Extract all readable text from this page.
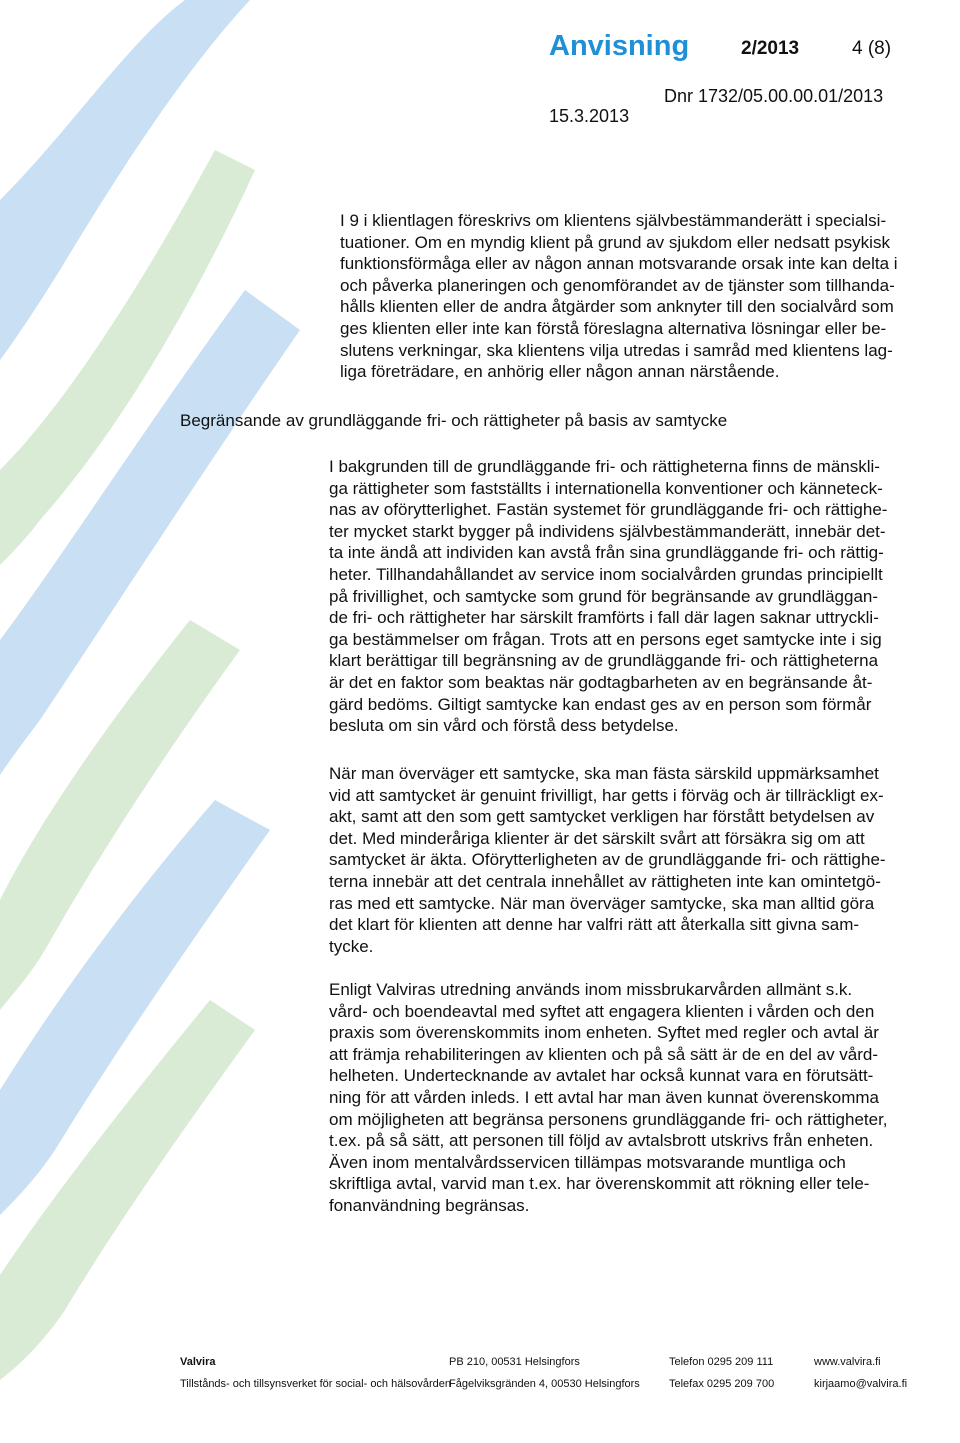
Anvisning	2/2013	4 (8)
Dnr 1732/05.00.00.01/2013
15.3.2013

I 9 i klientlagen föreskrivs om klientens självbestämmanderätt i specialsi-
tuationer. Om en myndig klient på grund av sjukdom eller nedsatt psykisk
funktionsförmåga eller av någon annan motsvarande orsak inte kan delta i
och påverka planeringen och genomförandet av de tjänster som tillhanda-
hålls klienten eller de andra åtgärder som anknyter till den socialvård som
ges klienten eller inte kan förstå föreslagna alternativa lösningar eller be-
slutens verkningar, ska klientens vilja utredas i samråd med klientens lag-
liga företrädare, en anhörig eller någon annan närstående.

Begränsande av grundläggande fri- och rättigheter på basis av samtycke

I bakgrunden till de grundläggande fri- och rättigheterna finns de mänskli-
ga rättigheter som fastställts i internationella konventioner och känneteck-
nas av oförytterlighet. Fastän systemet för grundläggande fri- och rättighe-
ter mycket starkt bygger på individens självbestämmanderätt, innebär det-
ta inte ändå att individen kan avstå från sina grundläggande fri- och rättig-
heter. Tillhandahållandet av service inom socialvården grundas principiellt
på frivillighet, och samtycke som grund för begränsande av grundläggan-
de fri- och rättigheter har särskilt framförts i fall där lagen saknar uttryckli-
ga bestämmelser om frågan. Trots att en persons eget samtycke inte i sig
klart berättigar till begränsning av de grundläggande fri- och rättigheterna
är det en faktor som beaktas när godtagbarheten av en begränsande åt-
gärd bedöms. Giltigt samtycke kan endast ges av en person som förmår
besluta om sin vård och förstå dess betydelse.

När man överväger ett samtycke, ska man fästa särskild uppmärksamhet
vid att samtycket är genuint frivilligt, har getts i förväg och är tillräckligt ex-
akt, samt att den som gett samtycket verkligen har förstått betydelsen av
det. Med minderåriga klienter är det särskilt svårt att försäkra sig om att
samtycket är äkta. Oförytterligheten av de grundläggande fri- och rättighe-
terna innebär att det centrala innehållet av rättigheten inte kan omintetgö-
ras med ett samtycke. När man överväger samtycke, ska man alltid göra
det klart för klienten att denne har valfri rätt att återkalla sitt givna sam-
tycke.

Enligt Valviras utredning används inom missbrukarvården allmänt s.k.
vård- och boendeavtal med syftet att engagera klienten i vården och den
praxis som överenskommits inom enheten. Syftet med regler och avtal är
att främja rehabiliteringen av klienten och på så sätt är de en del av vård-
helheten. Undertecknande av avtalet har också kunnat vara en förutsätt-
ning för att vården inleds. I ett avtal har man även kunnat överenskomma
om möjligheten att begränsa personens grundläggande fri- och rättigheter,
t.ex. på så sätt, att personen till följd av avtalsbrott utskrivs från enheten.
Även inom mentalvårdsservicen tillämpas motsvarande muntliga och
skriftliga avtal, varvid man t.ex. har överenskommit att rökning eller tele-
fonanvändning begränsas.

Valvira
Tillstånds- och tillsynsverket för social- och hälsovården
PB 210, 00531 Helsingfors
Fågelviksgränden 4, 00530 Helsingfors
Telefon 0295 209 111
Telefax 0295 209 700
www.valvira.fi
kirjaamo@valvira.fi
